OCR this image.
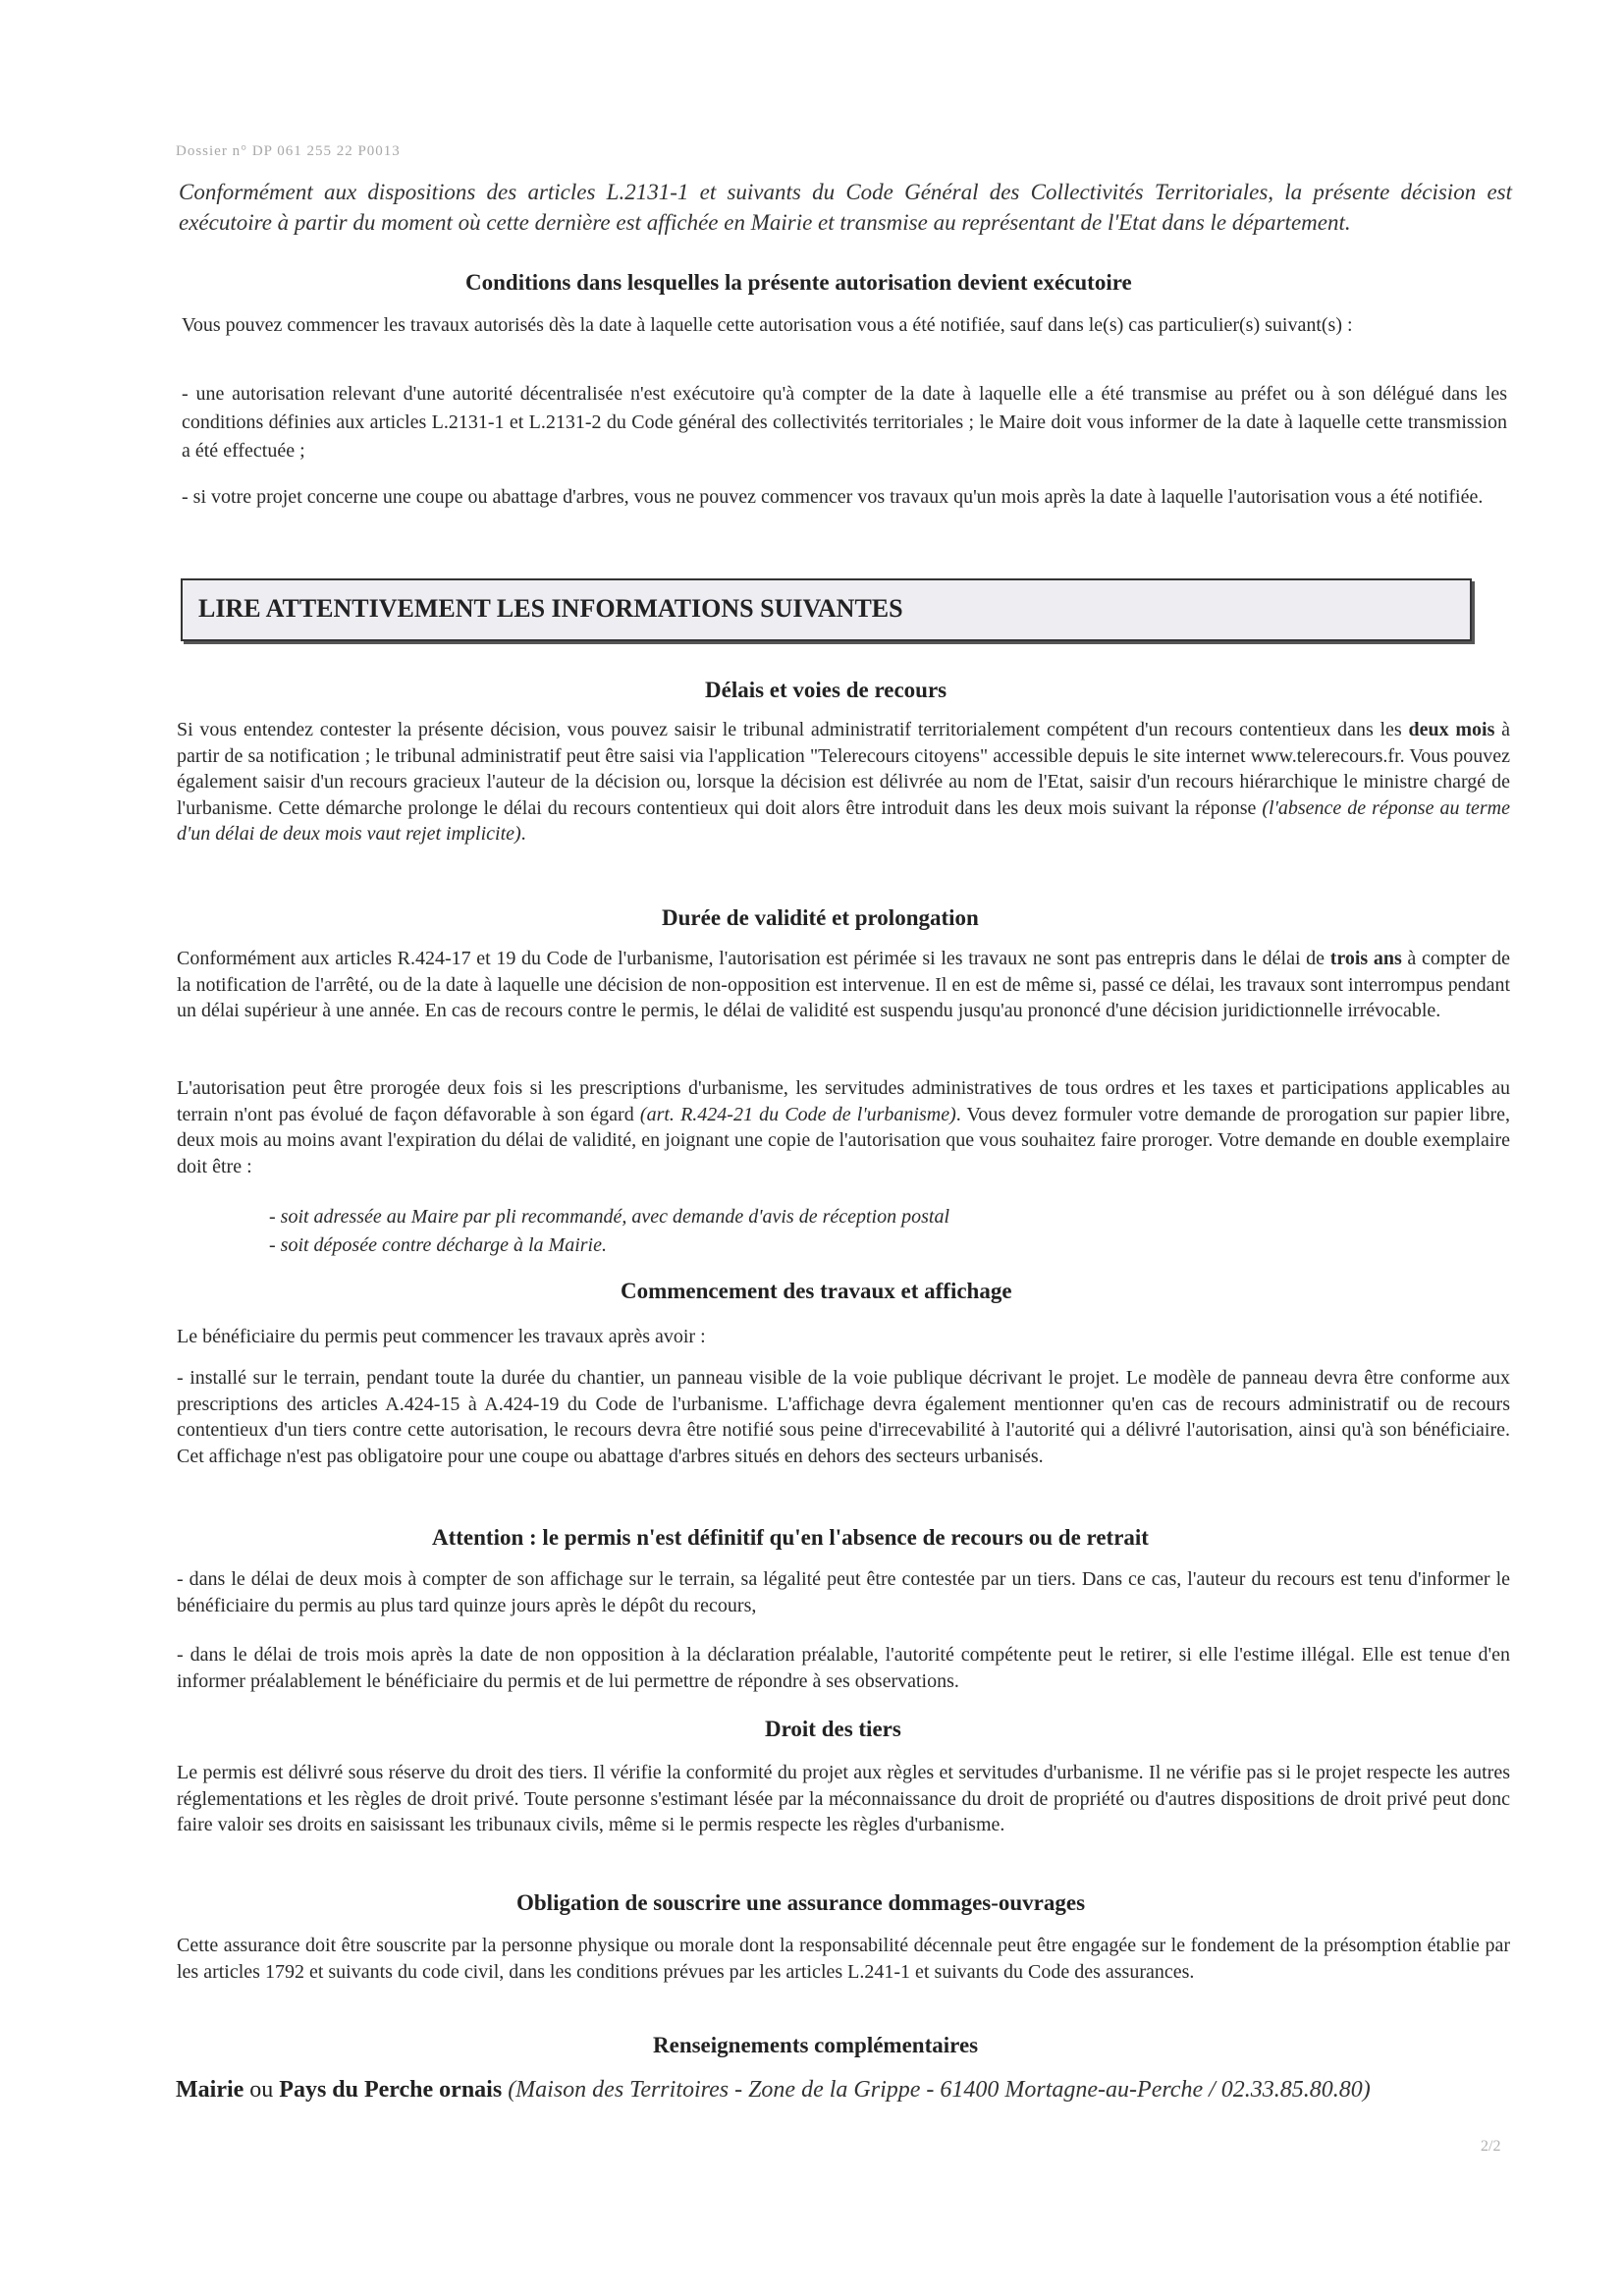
Dossier n° DP 061 255 22 P0013
Conformément aux dispositions des articles L.2131-1 et suivants du Code Général des Collectivités Territoriales, la présente décision est exécutoire à partir du moment où cette dernière est affichée en Mairie et transmise au représentant de l'Etat dans le département.
Conditions dans lesquelles la présente autorisation devient exécutoire
Vous pouvez commencer les travaux autorisés dès la date à laquelle cette autorisation vous a été notifiée, sauf dans le(s) cas particulier(s) suivant(s) :
- une autorisation relevant d'une autorité décentralisée n'est exécutoire qu'à compter de la date à laquelle elle a été transmise au préfet ou à son délégué dans les conditions définies aux articles L.2131-1 et L.2131-2 du Code général des collectivités territoriales ; le Maire doit vous informer de la date à laquelle cette transmission a été effectuée ;
- si votre projet concerne une coupe ou abattage d'arbres, vous ne pouvez commencer vos travaux qu'un mois après la date à laquelle l'autorisation vous a été notifiée.
LIRE ATTENTIVEMENT LES INFORMATIONS SUIVANTES
Délais et voies de recours
Si vous entendez contester la présente décision, vous pouvez saisir le tribunal administratif territorialement compétent d'un recours contentieux dans les deux mois à partir de sa notification ; le tribunal administratif peut être saisi via l'application "Telerecours citoyens" accessible depuis le site internet www.telerecours.fr. Vous pouvez également saisir d'un recours gracieux l'auteur de la décision ou, lorsque la décision est délivrée au nom de l'Etat, saisir d'un recours hiérarchique le ministre chargé de l'urbanisme. Cette démarche prolonge le délai du recours contentieux qui doit alors être introduit dans les deux mois suivant la réponse (l'absence de réponse au terme d'un délai de deux mois vaut rejet implicite).
Durée de validité et prolongation
Conformément aux articles R.424-17 et 19 du Code de l'urbanisme, l'autorisation est périmée si les travaux ne sont pas entrepris dans le délai de trois ans à compter de la notification de l'arrêté, ou de la date à laquelle une décision de non-opposition est intervenue. Il en est de même si, passé ce délai, les travaux sont interrompus pendant un délai supérieur à une année. En cas de recours contre le permis, le délai de validité est suspendu jusqu'au prononcé d'une décision juridictionnelle irrévocable.
L'autorisation peut être prorogée deux fois si les prescriptions d'urbanisme, les servitudes administratives de tous ordres et les taxes et participations applicables au terrain n'ont pas évolué de façon défavorable à son égard (art. R.424-21 du Code de l'urbanisme). Vous devez formuler votre demande de prorogation sur papier libre, deux mois au moins avant l'expiration du délai de validité, en joignant une copie de l'autorisation que vous souhaitez faire proroger. Votre demande en double exemplaire doit être :
- soit adressée au Maire par pli recommandé, avec demande d'avis de réception postal
- soit déposée contre décharge à la Mairie.
Commencement des travaux et affichage
Le bénéficiaire du permis peut commencer les travaux après avoir :
- installé sur le terrain, pendant toute la durée du chantier, un panneau visible de la voie publique décrivant le projet. Le modèle de panneau devra être conforme aux prescriptions des articles A.424-15 à A.424-19 du Code de l'urbanisme. L'affichage devra également mentionner qu'en cas de recours administratif ou de recours contentieux d'un tiers contre cette autorisation, le recours devra être notifié sous peine d'irrecevabilité à l'autorité qui a délivré l'autorisation, ainsi qu'à son bénéficiaire. Cet affichage n'est pas obligatoire pour une coupe ou abattage d'arbres situés en dehors des secteurs urbanisés.
Attention : le permis n'est définitif qu'en l'absence de recours ou de retrait
- dans le délai de deux mois à compter de son affichage sur le terrain, sa légalité peut être contestée par un tiers. Dans ce cas, l'auteur du recours est tenu d'informer le bénéficiaire du permis au plus tard quinze jours après le dépôt du recours,
- dans le délai de trois mois après la date de non opposition à la déclaration préalable, l'autorité compétente peut le retirer, si elle l'estime illégal. Elle est tenue d'en informer préalablement le bénéficiaire du permis et de lui permettre de répondre à ses observations.
Droit des tiers
Le permis est délivré sous réserve du droit des tiers. Il vérifie la conformité du projet aux règles et servitudes d'urbanisme. Il ne vérifie pas si le projet respecte les autres réglementations et les règles de droit privé. Toute personne s'estimant lésée par la méconnaissance du droit de propriété ou d'autres dispositions de droit privé peut donc faire valoir ses droits en saisissant les tribunaux civils, même si le permis respecte les règles d'urbanisme.
Obligation de souscrire une assurance dommages-ouvrages
Cette assurance doit être souscrite par la personne physique ou morale dont la responsabilité décennale peut être engagée sur le fondement de la présomption établie par les articles 1792 et suivants du code civil, dans les conditions prévues par les articles L.241-1 et suivants du Code des assurances.
Renseignements complémentaires
Mairie ou Pays du Perche ornais (Maison des Territoires - Zone de la Grippe - 61400 Mortagne-au-Perche / 02.33.85.80.80)
2/2
